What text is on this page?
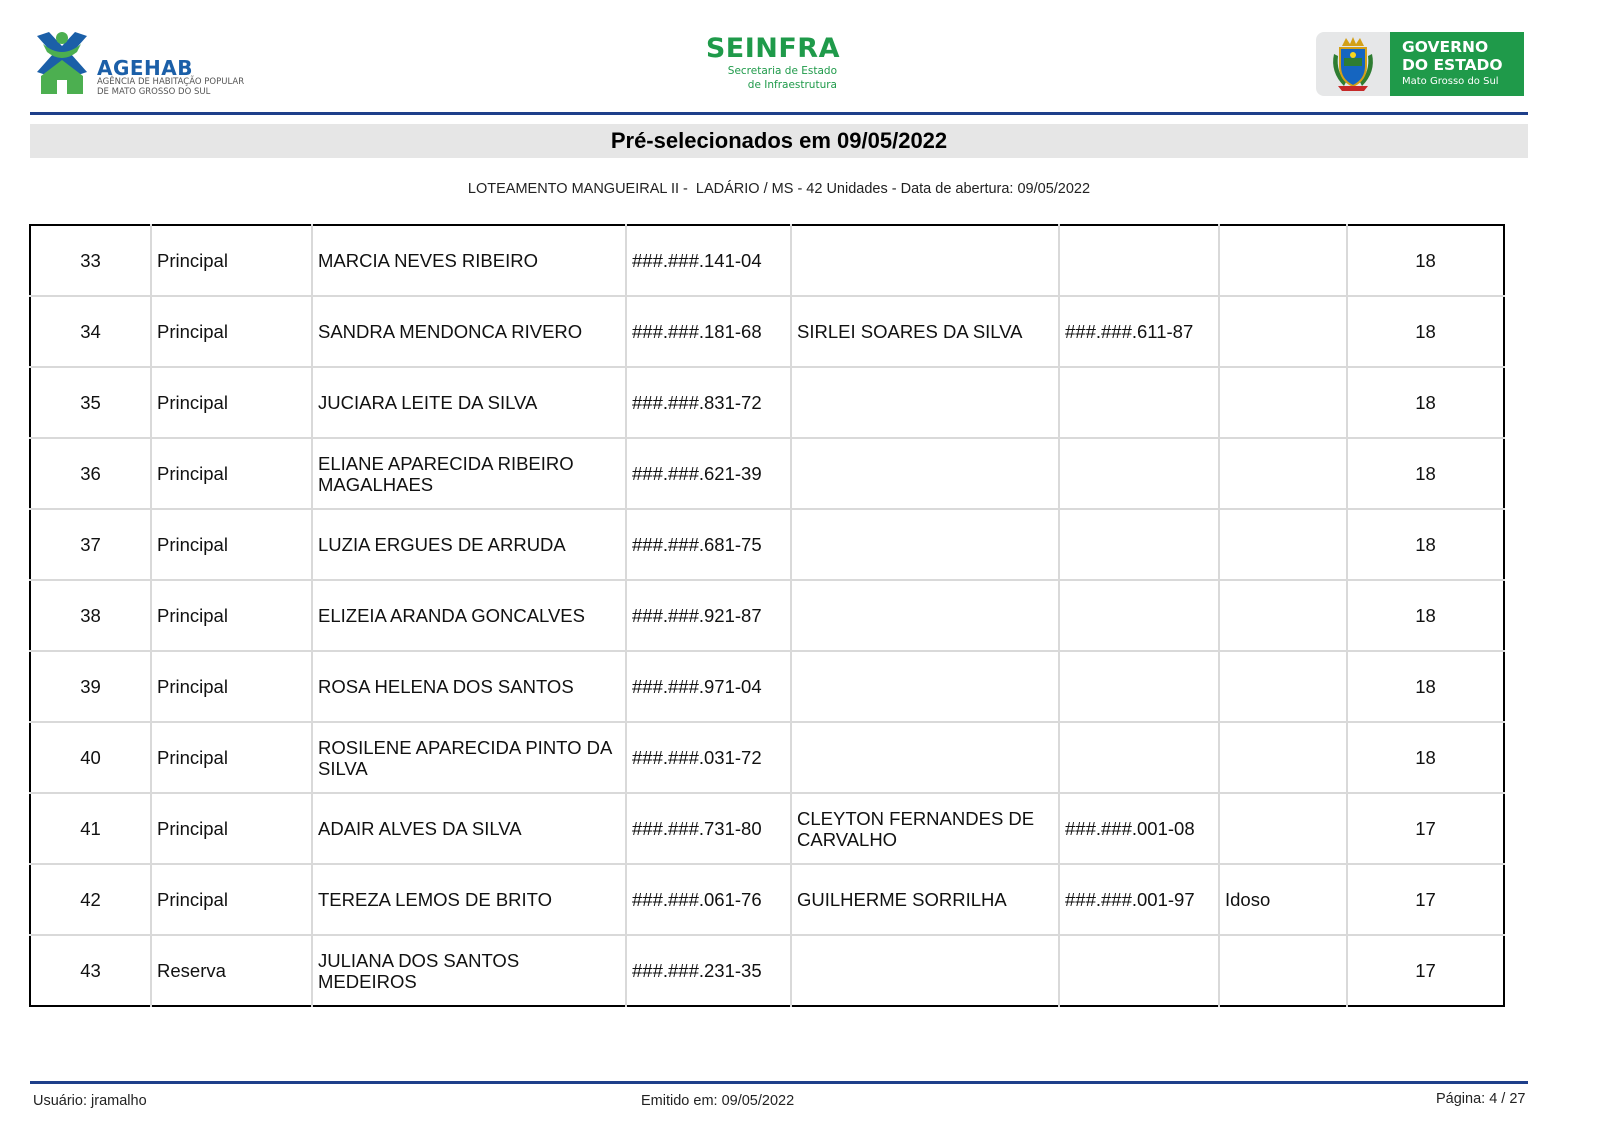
AGEHAB
AGÊNCIA DE HABITAÇÃO POPULAR
DE MATO GROSSO DO SUL
SEINFRA
Secretaria de Estado
de Infraestrutura
GOVERNO
DO ESTADO
Mato Grosso do Sul
Pré-selecionados em 09/05/2022
LOTEAMENTO MANGUEIRAL II -  LADÁRIO / MS - 42 Unidades - Data de abertura: 09/05/2022
33	Principal	MARCIA NEVES RIBEIRO	###.###.141-04				18
34	Principal	SANDRA MENDONCA RIVERO	###.###.181-68	SIRLEI SOARES DA SILVA	###.###.611-87		18
35	Principal	JUCIARA LEITE DA SILVA	###.###.831-72				18
36	Principal	ELIANE APARECIDA RIBEIRO MAGALHAES	###.###.621-39				18
37	Principal	LUZIA ERGUES DE ARRUDA	###.###.681-75				18
38	Principal	ELIZEIA ARANDA GONCALVES	###.###.921-87				18
39	Principal	ROSA HELENA DOS SANTOS	###.###.971-04				18
40	Principal	ROSILENE APARECIDA PINTO DA SILVA	###.###.031-72				18
41	Principal	ADAIR ALVES DA SILVA	###.###.731-80	CLEYTON FERNANDES DE CARVALHO	###.###.001-08		17
42	Principal	TEREZA LEMOS DE BRITO	###.###.061-76	GUILHERME SORRILHA	###.###.001-97	Idoso	17
43	Reserva	JULIANA DOS SANTOS MEDEIROS	###.###.231-35				17
Usuário: jramalho	Emitido em: 09/05/2022	Página: 4 / 27
